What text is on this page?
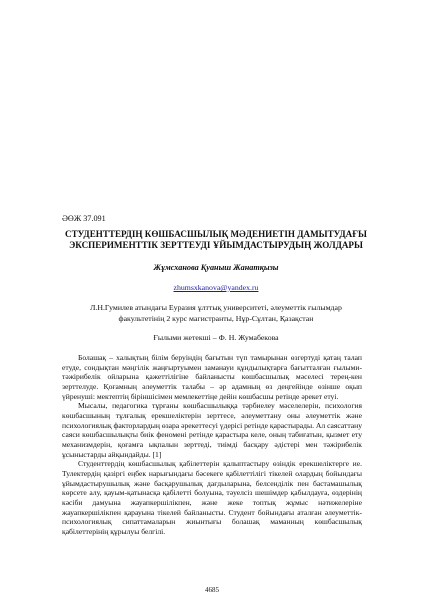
ӘӨЖ 37.091
СТУДЕНТТЕРДІҢ КӨШБАСШЫЛЫҚ МӘДЕНИЕТІН ДАМЫТУДАҒЫ
ЭКСПЕРИМЕНТТІК ЗЕРТТЕУДІ ҰЙЫМДАСТЫРУДЫҢ ЖОЛДАРЫ
Жұмсханова Қуаныш Жанатқызы
zhumsxkanova@yandex.ru
Л.Н.Гумилев атындағы Еуразия ұлттық университеті, әлеуметтік ғылымдар
факультетінің 2 курс магистранты, Нұр-Сұлтан, Қазақстан
Ғылыми жетекші – Ф. Н. Жумабекова

Болашақ – халықтың білім беруіндің бағытын түп тамырынан өзгертуді қатаң талап етуде, сондықтан мәңгілік жаңғыртуымен заманауи құндылықтарға бағытталған ғылыми-тәжірибелік ойларына қажеттілігіне байланысты көшбасшылық мәселесі терең-кен зерттелуде. Қоғамның әлеуметтік талабы – әр адамның өз деңгейінде өзінше оқып үйренуші: мектептің біріншісімен мемлекеттіңе дейін көшбасшы ретінде әрекет етуі.

Мысалы, педагогика тұрғаны көшбасшылыққа тәрбиелеу мәселелерін, психология көшбасшының тұлғалық ерекшеліктерін зерттесе, әлеуметтану оны әлеуметтік және психологиялық факторлардың өзара әрекеттесуі үдерісі ретінде қарастырады. Ал саясаттану саяси көшбасшылықты биік феномені ретінде қарастыра келе, оның табиғатын, қызмет ету механизмдерін, қоғамға ықпалын зерттеді, тиімді басқару әдістері мен тәжірибелік ұсыныстарды айқындайды. [1]

Студенттердің көшбасшылық қабілеттерін қалыптастыру өзіндік ерекшеліктерге ие. Тулектердің қазіргі еңбек нарығындағы бәсекеге қабілеттілігі тікелей олардың бойындағы ұйымдастырушылық және басқарушылық дағдыларына, белсенділік пен бастамашылық көрсете алу, қауым-қатынасқа қабілетті болуына, тәуелсіз шешімдер қабылдауға, өздерінің кәсіби дамуына жауапкершілікпен, және жеке топтық жұмыс нәтижелеріне жауапкершілікпен қарауына тікелей байланысты. Студент бойындағы аталған әлеуметтік-психологиялық сипаттамаларын жиынтығы болашақ маманның көшбасшылық қабілеттерінің құрылуы белгілі.

4685
